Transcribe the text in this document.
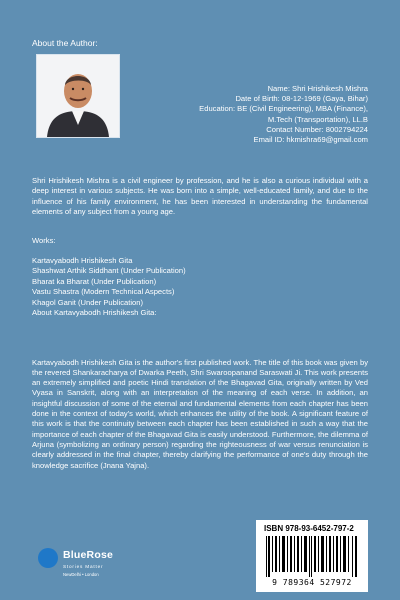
About the Author:
Name: Shri Hrishikesh Mishra
Date of Birth: 08-12-1969 (Gaya, Bihar)
Education: BE (Civil Engineering), MBA (Finance),
M.Tech (Transportation), LL.B
Contact Number: 8002794224
Email ID: hkmishra69@gmail.com

Shri Hrishikesh Mishra is a civil engineer by profession, and he is also a curious individual with a deep interest in various subjects. He was born into a simple, well-educated family, and due to the influence of his family environment, he has been interested in understanding the fundamental elements of any subject from a young age.

Works:
Kartavyabodh Hrishikesh Gita
Shashwat Arthik Siddhant (Under Publication)
Bharat ka Bharat (Under Publication)
Vastu Shastra (Modern Technical Aspects)
Khagol Ganit (Under Publication)
About Kartavyabodh Hrishikesh Gita:

Kartavyabodh Hrishikesh Gita is the author's first published work. The title of this book was given by the revered Shankaracharya of Dwarka Peeth, Shri Swaroopanand Saraswati Ji. This work presents an extremely simplified and poetic Hindi translation of the Bhagavad Gita, originally written by Ved Vyasa in Sanskrit, along with an interpretation of the meaning of each verse. In addition, an insightful discussion of some of the eternal and fundamental elements from each chapter has been done in the context of today's world, which enhances the utility of the book. A significant feature of this work is that the continuity between each chapter has been established in such a way that the importance of each chapter of the Bhagavad Gita is easily understood. Furthermore, the dilemma of Arjuna (symbolizing an ordinary person) regarding the righteousness of war versus renunciation is clearly addressed in the final chapter, thereby clarifying the performance of one's duty through the knowledge sacrifice (Jnana Yajna).

BlueRose
Stories Matter
NewDelhi • London
ISBN 978-93-6452-797-2
9 789364 527972
